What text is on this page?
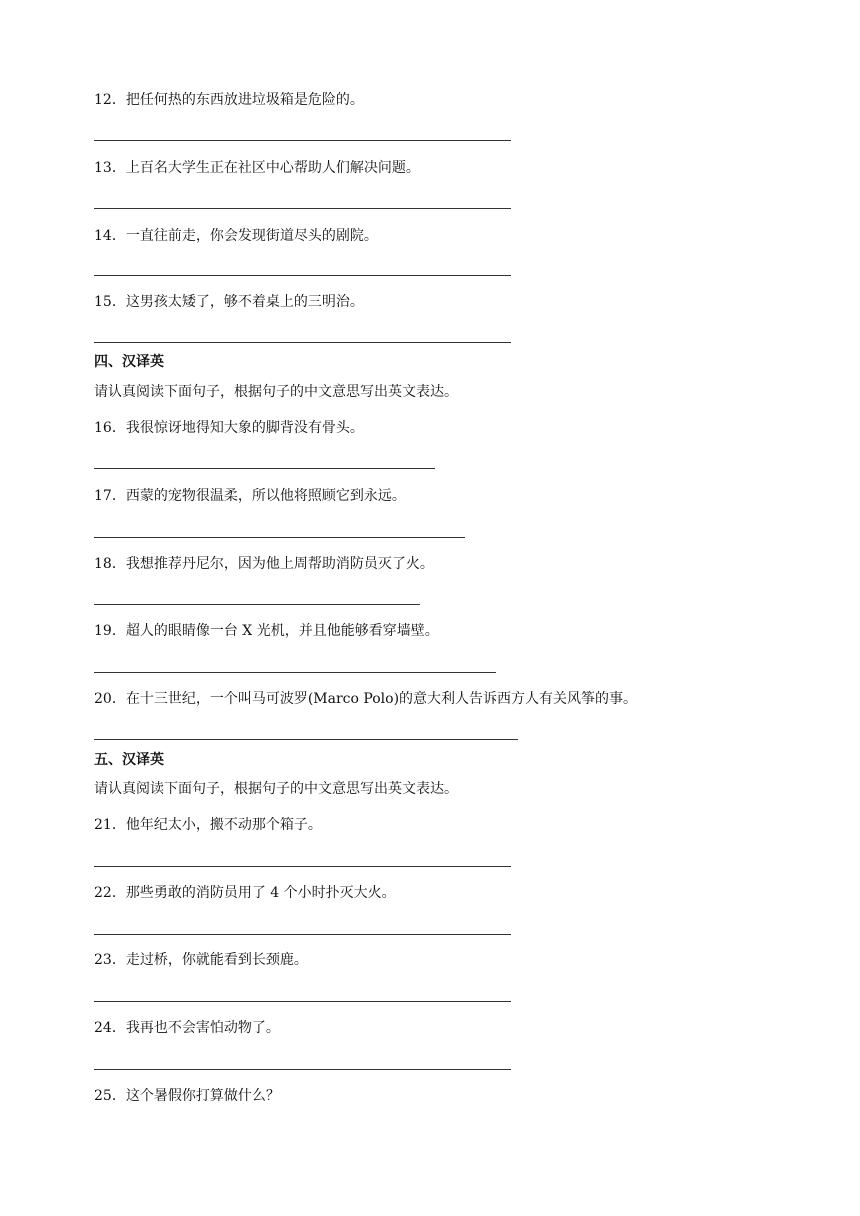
12．把任何热的东西放进垃圾箱是危险的。
13．上百名大学生正在社区中心帮助人们解决问题。
14．一直往前走，你会发现街道尽头的剧院。
15．这男孩太矮了，够不着桌上的三明治。
四、汉译英
请认真阅读下面句子，根据句子的中文意思写出英文表达。
16．我很惊讶地得知大象的脚背没有骨头。
17．西蒙的宠物很温柔，所以他将照顾它到永远。
18．我想推荐丹尼尔，因为他上周帮助消防员灭了火。
19．超人的眼睛像一台 X 光机，并且他能够看穿墙壁。
20．在十三世纪，一个叫马可波罗(Marco Polo)的意大利人告诉西方人有关风筝的事。
五、汉译英
请认真阅读下面句子，根据句子的中文意思写出英文表达。
21．他年纪太小，搬不动那个箱子。
22．那些勇敢的消防员用了 4 个小时扑灭大火。
23．走过桥，你就能看到长颈鹿。
24．我再也不会害怕动物了。
25．这个暑假你打算做什么？
